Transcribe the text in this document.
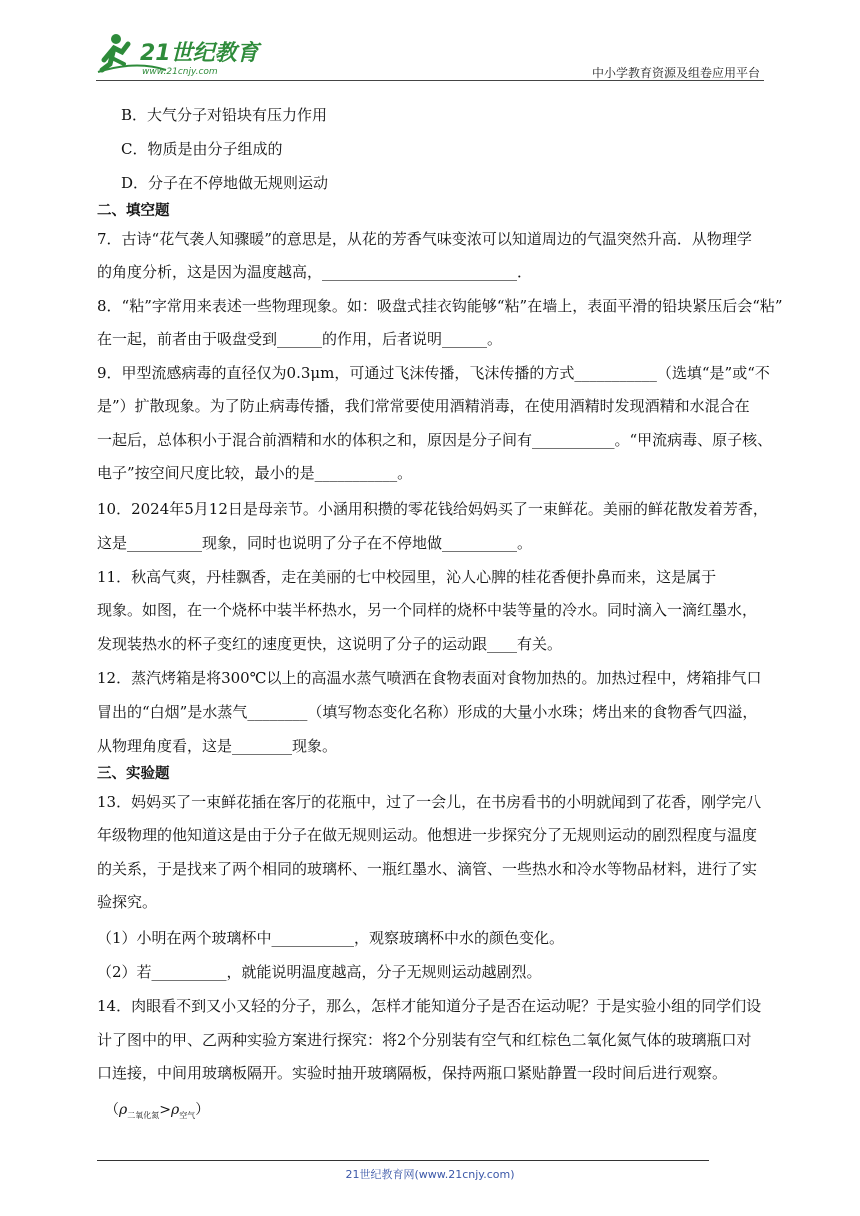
21世纪教育
www.21cnjy.com	中小学教育资源及组卷应用平台
B．大气分子对铅块有压力作用
C．物质是由分子组成的
D．分子在不停地做无规则运动
二、填空题
7．古诗“花气袭人知骤暖”的意思是，从花的芳香气味变浓可以知道周边的气温突然升高．从物理学
的角度分析，这是因为温度越高，__________________________．
8．“粘”字常用来表述一些物理现象。如：吸盘式挂衣钩能够“粘”在墙上，表面平滑的铅块紧压后会“粘”
在一起，前者由于吸盘受到______的作用，后者说明______。
9．甲型流感病毒的直径仅为0.3μm，可通过飞沫传播，飞沫传播的方式___________（选填“是”或“不
是”）扩散现象。为了防止病毒传播，我们常常要使用酒精消毒，在使用酒精时发现酒精和水混合在
一起后，总体积小于混合前酒精和水的体积之和，原因是分子间有___________。“甲流病毒、原子核、
电子”按空间尺度比较，最小的是___________。
10．2024年5月12日是母亲节。小涵用积攒的零花钱给妈妈买了一束鲜花。美丽的鲜花散发着芳香，
这是__________现象，同时也说明了分子在不停地做__________。
11．秋高气爽，丹桂飘香，走在美丽的七中校园里，沁人心脾的桂花香便扑鼻而来，这是属于
现象。如图，在一个烧杯中装半杯热水，另一个同样的烧杯中装等量的冷水。同时滴入一滴红墨水，
发现装热水的杯子变红的速度更快，这说明了分子的运动跟____有关。
12．蒸汽烤箱是将300℃以上的高温水蒸气喷洒在食物表面对食物加热的。加热过程中，烤箱排气口
冒出的“白烟”是水蒸气________（填写物态变化名称）形成的大量小水珠；烤出来的食物香气四溢，
从物理角度看，这是________现象。
三、实验题
13．妈妈买了一束鲜花插在客厅的花瓶中，过了一会儿，在书房看书的小明就闻到了花香，刚学完八
年级物理的他知道这是由于分子在做无规则运动。他想进一步探究分了无规则运动的剧烈程度与温度
的关系，于是找来了两个相同的玻璃杯、一瓶红墨水、滴管、一些热水和冷水等物品材料，进行了实
验探究。
（1）小明在两个玻璃杯中___________，观察玻璃杯中水的颜色变化。
（2）若__________，就能说明温度越高，分子无规则运动越剧烈。
14．肉眼看不到又小又轻的分子，那么，怎样才能知道分子是否在运动呢？于是实验小组的同学们设
计了图中的甲、乙两种实验方案进行探究：将2个分别装有空气和红棕色二氧化氮气体的玻璃瓶口对
口连接，中间用玻璃板隔开。实验时抽开玻璃隔板，保持两瓶口紧贴静置一段时间后进行观察。
$(\rho_{二氧化氮}>\rho_{空气})$
21世纪教育网(www.21cnjy.com)
